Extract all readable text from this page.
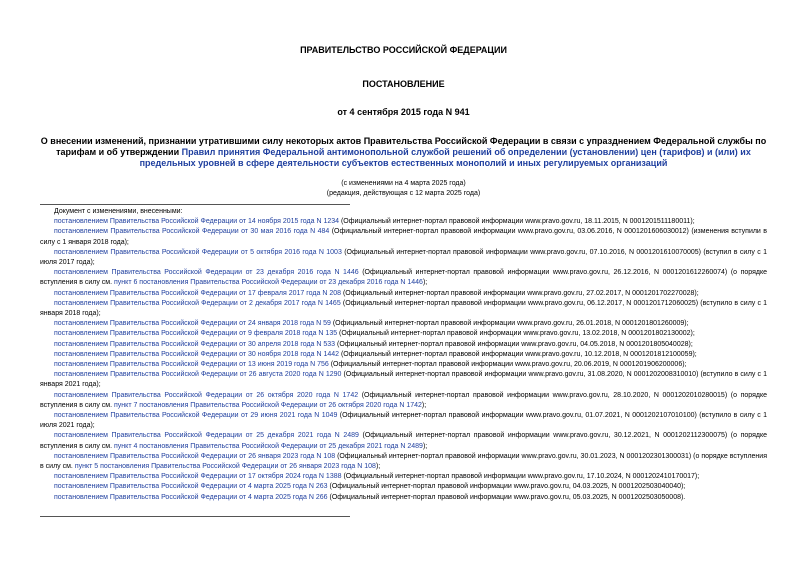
ПРАВИТЕЛЬСТВО РОССИЙСКОЙ ФЕДЕРАЦИИ
ПОСТАНОВЛЕНИЕ
от 4 сентября 2015 года N 941
О внесении изменений, признании утратившими силу некоторых актов Правительства Российской Федерации в связи с упразднением Федеральной службы по тарифам и об утверждении Правил принятия Федеральной антимонопольной службой решений об определении (установлении) цен (тарифов) и (или) их предельных уровней в сфере деятельности субъектов естественных монополий и иных регулируемых организаций
(с изменениями на 4 марта 2025 года)
(редакция, действующая с 12 марта 2025 года)
Документ с изменениями, внесенными:
постановлением Правительства Российской Федерации от 14 ноября 2015 года N 1234 (Официальный интернет-портал правовой информации www.pravo.gov.ru, 18.11.2015, N 0001201511180011);
постановлением Правительства Российской Федерации от 30 мая 2016 года N 484 (Официальный интернет-портал правовой информации www.pravo.gov.ru, 03.06.2016, N 0001201606030012) (изменения вступили в силу с 1 января 2018 года);
постановлением Правительства Российской Федерации от 5 октября 2016 года N 1003 (Официальный интернет-портал правовой информации www.pravo.gov.ru, 07.10.2016, N 0001201610070005) (вступил в силу с 1 июля 2017 года);
постановлением Правительства Российской Федерации от 23 декабря 2016 года N 1446 (Официальный интернет-портал правовой информации www.pravo.gov.ru, 26.12.2016, N 0001201612260074) (о порядке вступления в силу см. пункт 6 постановления Правительства Российской Федерации от 23 декабря 2016 года N 1446);
постановлением Правительства Российской Федерации от 17 февраля 2017 года N 208 (Официальный интернет-портал правовой информации www.pravo.gov.ru, 27.02.2017, N 0001201702270028);
постановлением Правительства Российской Федерации от 2 декабря 2017 года N 1465 (Официальный интернет-портал правовой информации www.pravo.gov.ru, 06.12.2017, N 0001201712060025) (вступило в силу с 1 января 2018 года);
постановлением Правительства Российской Федерации от 24 января 2018 года N 59 (Официальный интернет-портал правовой информации www.pravo.gov.ru, 26.01.2018, N 0001201801260009);
постановлением Правительства Российской Федерации от 9 февраля 2018 года N 135 (Официальный интернет-портал правовой информации www.pravo.gov.ru, 13.02.2018, N 0001201802130002);
постановлением Правительства Российской Федерации от 30 апреля 2018 года N 533 (Официальный интернет-портал правовой информации www.pravo.gov.ru, 04.05.2018, N 0001201805040028);
постановлением Правительства Российской Федерации от 30 ноября 2018 года N 1442 (Официальный интернет-портал правовой информации www.pravo.gov.ru, 10.12.2018, N 0001201812100059);
постановлением Правительства Российской Федерации от 13 июня 2019 года N 756 (Официальный интернет-портал правовой информации www.pravo.gov.ru, 20.06.2019, N 0001201906200006);
постановлением Правительства Российской Федерации от 26 августа 2020 года N 1290 (Официальный интернет-портал правовой информации www.pravo.gov.ru, 31.08.2020, N 0001202008310010) (вступило в силу с 1 января 2021 года);
постановлением Правительства Российской Федерации от 26 октября 2020 года N 1742 (Официальный интернет-портал правовой информации www.pravo.gov.ru, 28.10.2020, N 0001202010280015) (о порядке вступления в силу см. пункт 7 постановления Правительства Российской Федерации от 26 октября 2020 года N 1742);
постановлением Правительства Российской Федерации от 29 июня 2021 года N 1049 (Официальный интернет-портал правовой информации www.pravo.gov.ru, 01.07.2021, N 0001202107010100) (вступило в силу с 1 июля 2021 года);
постановлением Правительства Российской Федерации от 25 декабря 2021 года N 2489 (Официальный интернет-портал правовой информации www.pravo.gov.ru, 30.12.2021, N 0001202112300075) (о порядке вступления в силу см. пункт 4 постановления Правительства Российской Федерации от 25 декабря 2021 года N 2489);
постановлением Правительства Российской Федерации от 26 января 2023 года N 108 (Официальный интернет-портал правовой информации www.pravo.gov.ru, 30.01.2023, N 0001202301300031) (о порядке вступления в силу см. пункт 5 постановления Правительства Российской Федерации от 26 января 2023 года N 108);
постановлением Правительства Российской Федерации от 17 октября 2024 года N 1388 (Официальный интернет-портал правовой информации www.pravo.gov.ru, 17.10.2024, N 0001202410170017);
постановлением Правительства Российской Федерации от 4 марта 2025 года N 263 (Официальный интернет-портал правовой информации www.pravo.gov.ru, 04.03.2025, N 0001202503040040);
постановлением Правительства Российской Федерации от 4 марта 2025 года N 266 (Официальный интернет-портал правовой информации www.pravo.gov.ru, 05.03.2025, N 0001202503050008).
